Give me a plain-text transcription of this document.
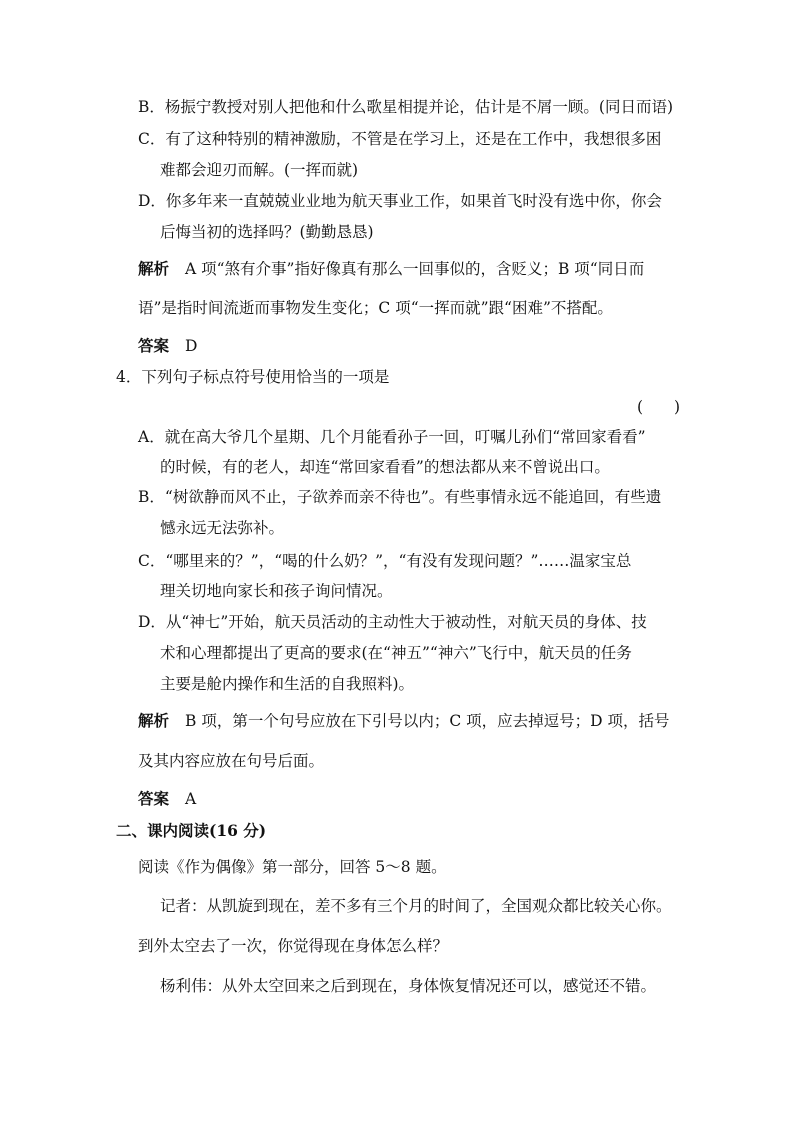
B．杨振宁教授对别人把他和什么歌星相提并论，估计是不屑一顾。(同日而语)
C．有了这种特别的精神激励，不管是在学习上，还是在工作中，我想很多困
难都会迎刃而解。(一挥而就)
D．你多年来一直兢兢业业地为航天事业工作，如果首飞时没有选中你，你会
后悔当初的选择吗？(勤勤恳恳)
解析 A 项“煞有介事”指好像真有那么一回事似的，含贬义；B 项“同日而
语”是指时间流逝而事物发生变化；C 项“一挥而就”跟“困难”不搭配。
答案 D
4．下列句子标点符号使用恰当的一项是
(　　)
A．就在高大爷几个星期、几个月能看孙子一回，叮嘱儿孙们“常回家看看”
的时候，有的老人，却连“常回家看看”的想法都从来不曾说出口。
B．“树欲静而风不止，子欲养而亲不待也”。有些事情永远不能追回，有些遗
憾永远无法弥补。
C．“哪里来的？”，“喝的什么奶？”，“有没有发现问题？”……温家宝总
理关切地向家长和孩子询问情况。
D．从“神七”开始，航天员活动的主动性大于被动性，对航天员的身体、技
术和心理都提出了更高的要求(在“神五”“神六”飞行中，航天员的任务
主要是舱内操作和生活的自我照料)。
解析 B 项，第一个句号应放在下引号以内；C 项，应去掉逗号；D 项，括号
及其内容应放在句号后面。
答案 A
二、课内阅读(16 分)
阅读《作为偶像》第一部分，回答 5～8 题。
记者：从凯旋到现在，差不多有三个月的时间了，全国观众都比较关心你。
到外太空去了一次，你觉得现在身体怎么样？
杨利伟：从外太空回来之后到现在，身体恢复情况还可以，感觉还不错。
